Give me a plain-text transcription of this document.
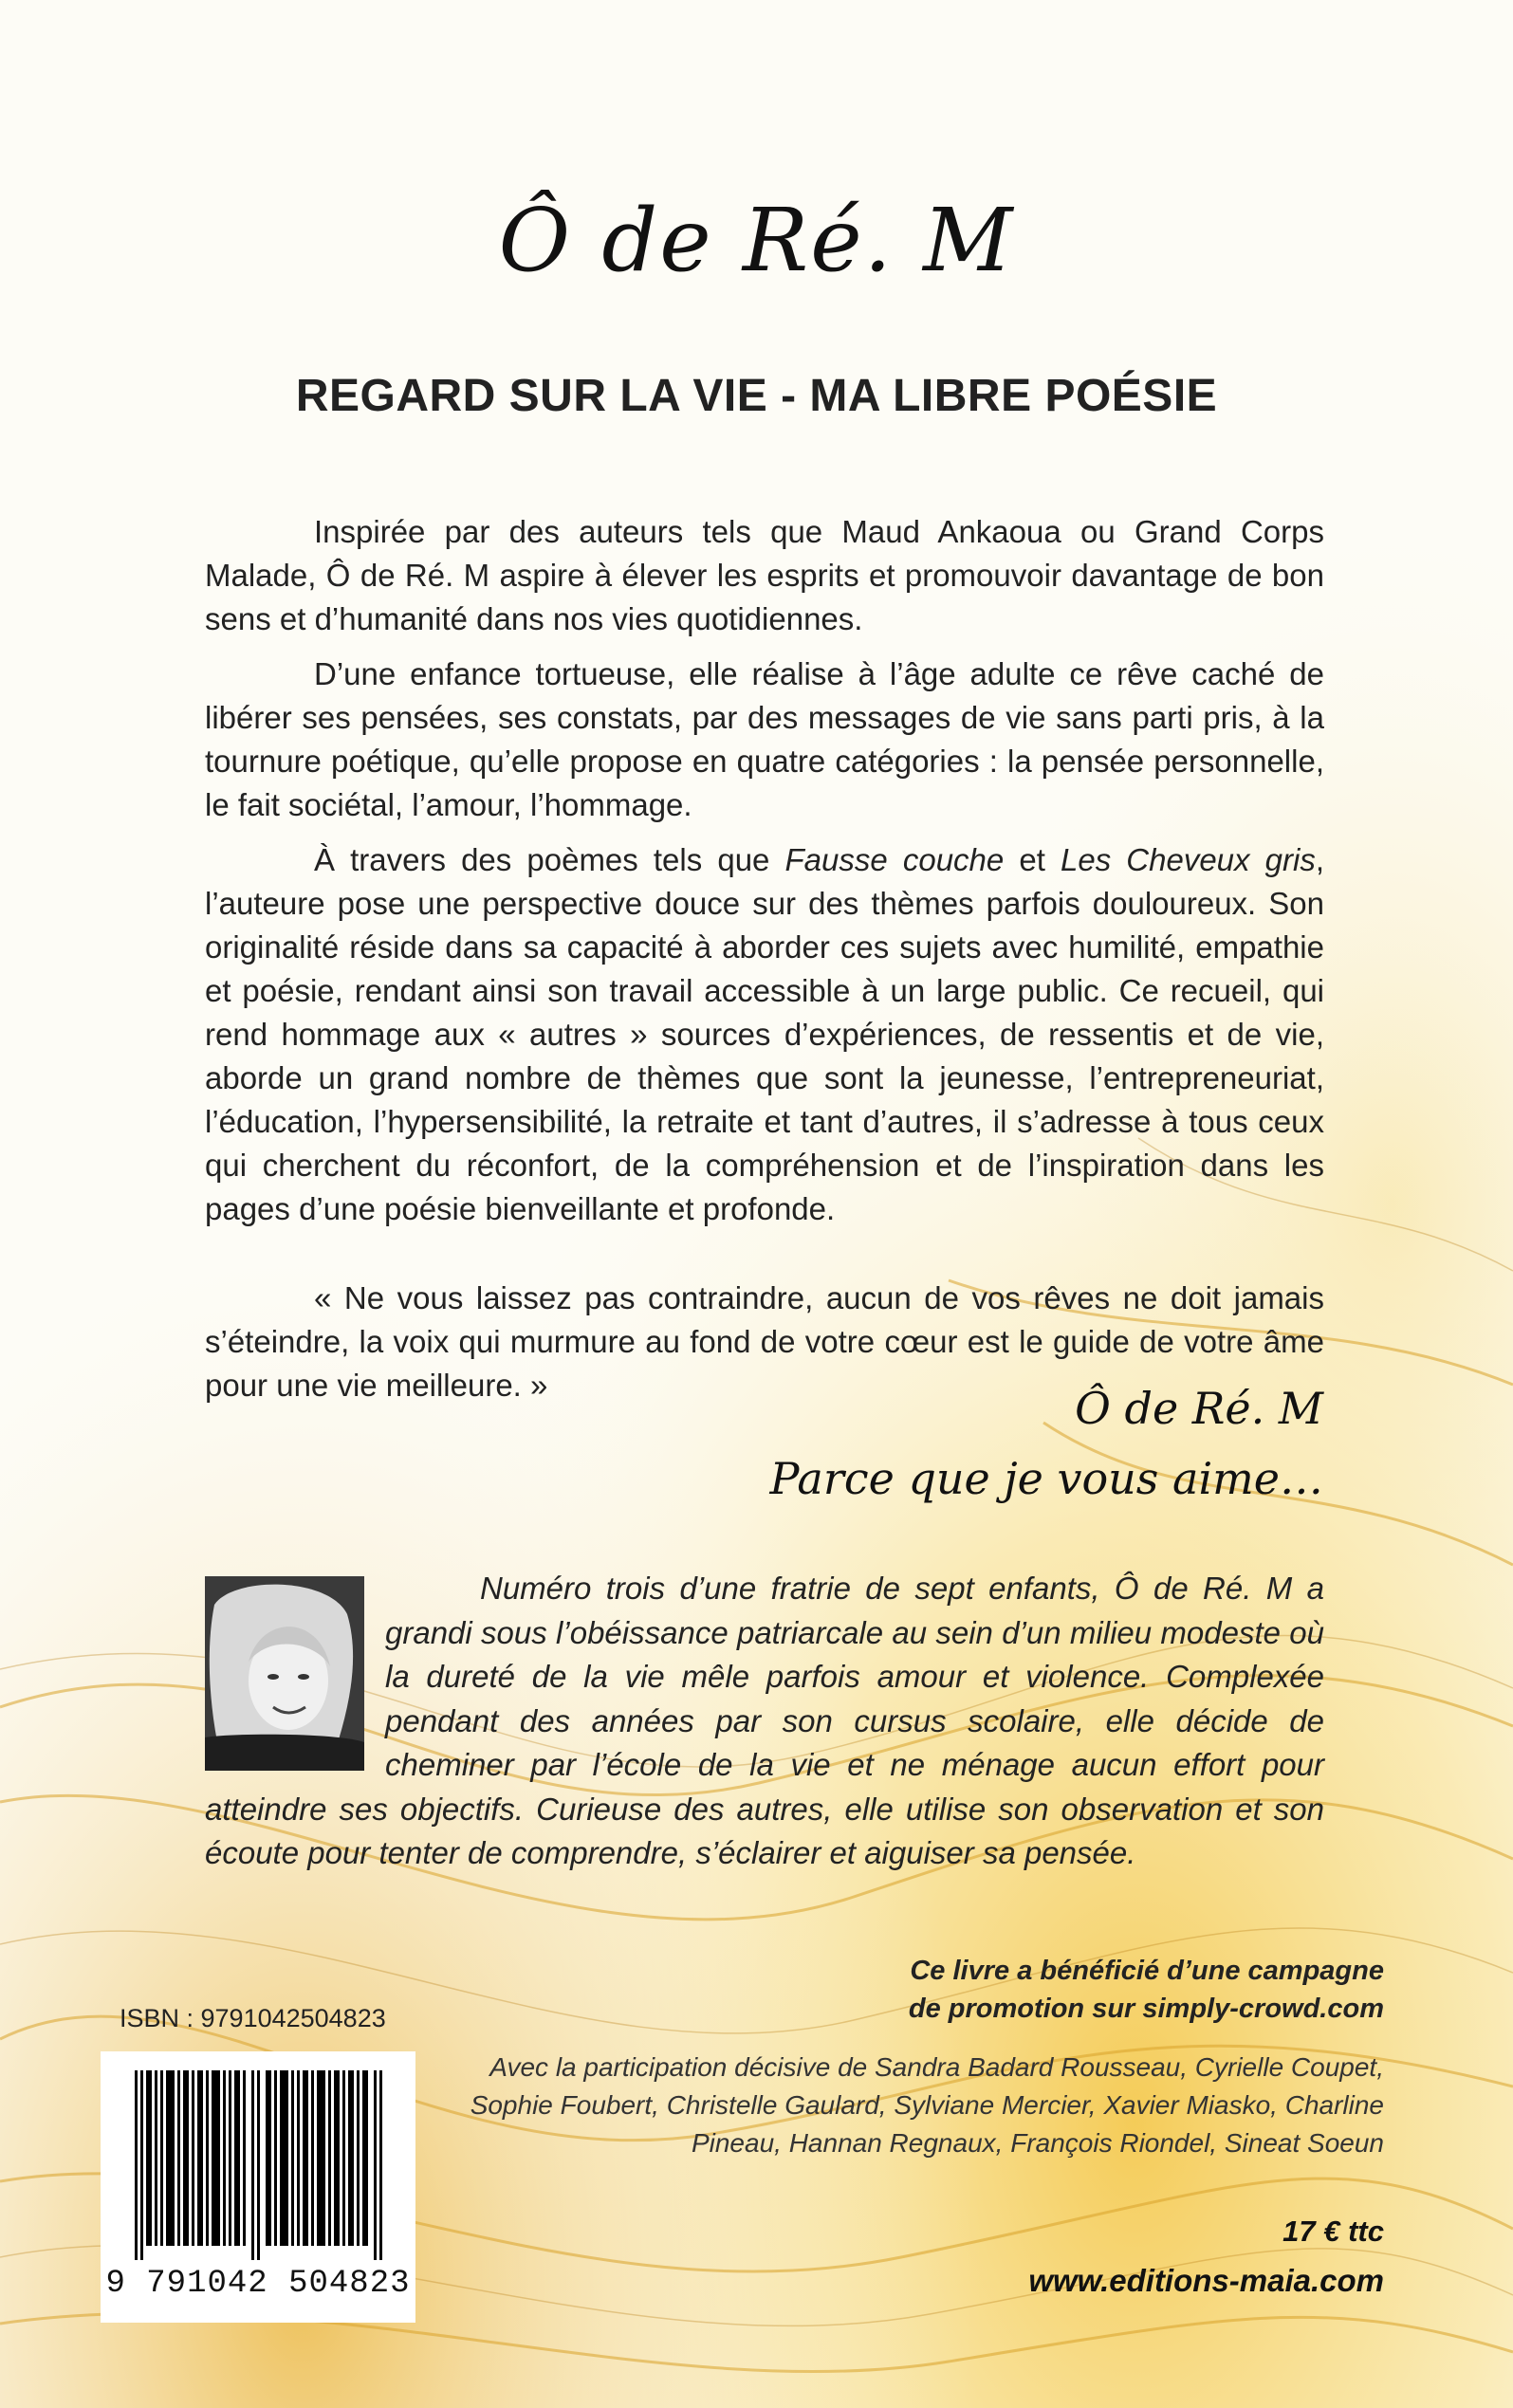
Ô de Ré. M
REGARD SUR LA VIE - MA LIBRE POÉSIE

Inspirée par des auteurs tels que Maud Ankaoua ou Grand Corps Malade, Ô de Ré. M aspire à élever les esprits et promouvoir davantage de bon sens et d’humanité dans nos vies quotidiennes.

D’une enfance tortueuse, elle réalise à l’âge adulte ce rêve caché de libérer ses pensées, ses constats, par des messages de vie sans parti pris, à la tournure poétique, qu’elle propose en quatre catégories : la pensée personnelle, le fait sociétal, l’amour, l’hommage.

À travers des poèmes tels que Fausse couche et Les Cheveux gris, l’auteure pose une perspective douce sur des thèmes parfois douloureux. Son originalité réside dans sa capacité à aborder ces sujets avec humilité, empathie et poésie, rendant ainsi son travail accessible à un large public. Ce recueil, qui rend hommage aux « autres » sources d’expériences, de ressentis et de vie, aborde un grand nombre de thèmes que sont la jeunesse, l’entrepreneuriat, l’éducation, l’hypersensibilité, la retraite et tant d’autres, il s’adresse à tous ceux qui cherchent du réconfort, de la compréhension et de l’inspiration dans les pages d’une poésie bienveillante et profonde.

« Ne vous laissez pas contraindre, aucun de vos rêves ne doit jamais s’éteindre, la voix qui murmure au fond de votre cœur est le guide de votre âme pour une vie meilleure. »	Ô de Ré. M
Parce que je vous aime…
Numéro trois d’une fratrie de sept enfants, Ô de Ré. M a grandi sous l’obéissance patriarcale au sein d’un milieu modeste où la dureté de la vie mêle parfois amour et violence. Complexée pendant des années par son cursus scolaire, elle décide de cheminer par l’école de la vie et ne ménage aucun effort pour atteindre ses objectifs. Curieuse des autres, elle utilise son observation et son écoute pour tenter de comprendre, s’éclairer et aiguiser sa pensée.
Ce livre a bénéficié d’une campagne
de promotion sur simply-crowd.com
ISBN : 9791042504823
9 791042 504823
Avec la participation décisive de Sandra Badard Rousseau, Cyrielle Coupet, Sophie Foubert, Christelle Gaulard, Sylviane Mercier, Xavier Miasko, Charline Pineau, Hannan Regnaux, François Riondel, Sineat Soeun
17 € ttc
www.editions-maia.com
